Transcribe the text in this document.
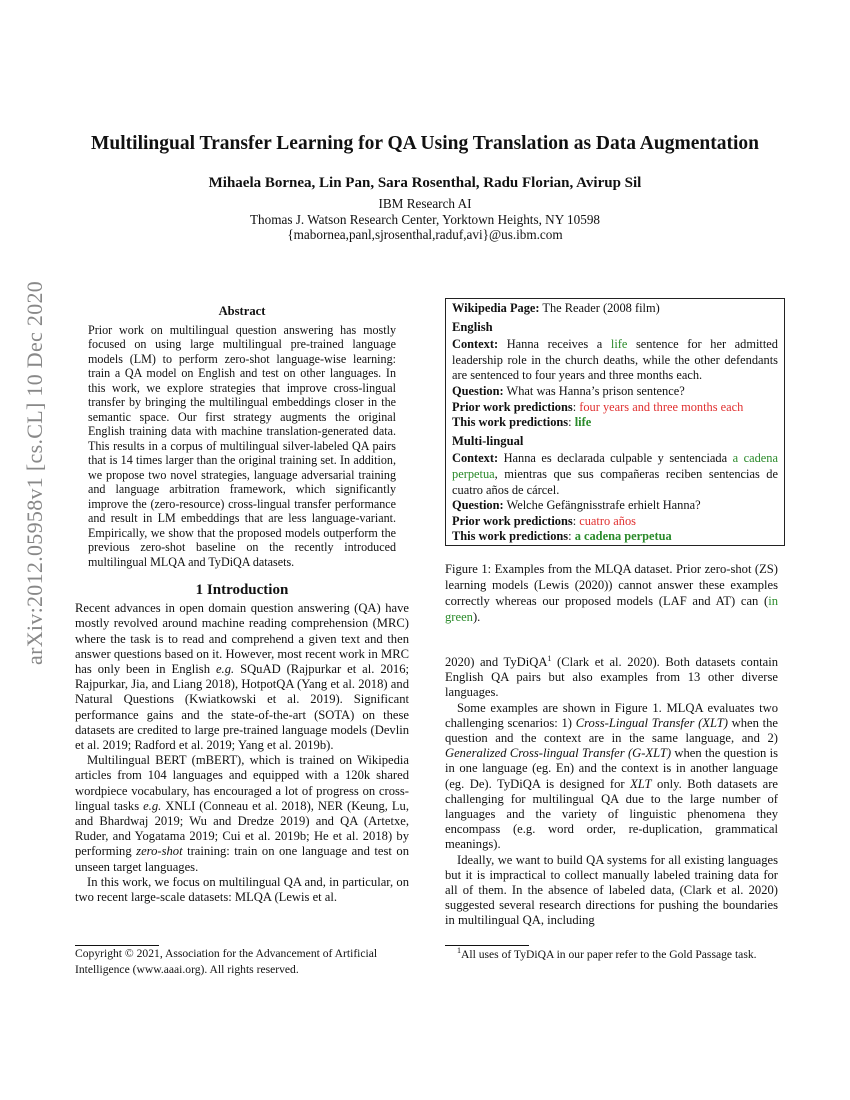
arXiv:2012.05958v1 [cs.CL] 10 Dec 2020
Multilingual Transfer Learning for QA Using Translation as Data Augmentation
Mihaela Bornea, Lin Pan, Sara Rosenthal, Radu Florian, Avirup Sil
IBM Research AI
Thomas J. Watson Research Center, Yorktown Heights, NY 10598
{mabornea,panl,sjrosenthal,raduf,avi}@us.ibm.com
Abstract

Prior work on multilingual question answering has mostly focused on using large multilingual pre-trained language models (LM) to perform zero-shot language-wise learning: train a QA model on English and test on other languages. In this work, we explore strategies that improve cross-lingual transfer by bringing the multilingual embeddings closer in the semantic space. Our first strategy augments the original English training data with machine translation-generated data. This results in a corpus of multilingual silver-labeled QA pairs that is 14 times larger than the original training set. In addition, we propose two novel strategies, language adversarial training and language arbitration framework, which significantly improve the (zero-resource) cross-lingual transfer performance and result in LM embeddings that are less language-variant. Empirically, we show that the proposed models outperform the previous zero-shot baseline on the recently introduced multilingual MLQA and TyDiQA datasets.

1 Introduction

Recent advances in open domain question answering (QA) have mostly revolved around machine reading comprehension (MRC) where the task is to read and comprehend a given text and then answer questions based on it. However, most recent work in MRC has only been in English e.g. SQuAD (Rajpurkar et al. 2016; Rajpurkar, Jia, and Liang 2018), HotpotQA (Yang et al. 2018) and Natural Questions (Kwiatkowski et al. 2019). Significant performance gains and the state-of-the-art (SOTA) on these datasets are credited to large pre-trained language models (Devlin et al. 2019; Radford et al. 2019; Yang et al. 2019b).

Multilingual BERT (mBERT), which is trained on Wikipedia articles from 104 languages and equipped with a 120k shared wordpiece vocabulary, has encouraged a lot of progress on cross-lingual tasks e.g. XNLI (Conneau et al. 2018), NER (Keung, Lu, and Bhardwaj 2019; Wu and Dredze 2019) and QA (Artetxe, Ruder, and Yogatama 2019; Cui et al. 2019b; He et al. 2018) by performing zero-shot training: train on one language and test on unseen target languages.

In this work, we focus on multilingual QA and, in particular, on two recent large-scale datasets: MLQA (Lewis et al.

Copyright © 2021, Association for the Advancement of Artificial Intelligence (www.aaai.org). All rights reserved.
Wikipedia Page: The Reader (2008 film)
English
Context: Hanna receives a life sentence for her admitted leadership role in the church deaths, while the other defendants are sentenced to four years and three months each.
Question: What was Hanna’s prison sentence?
Prior work predictions: four years and three months each
This work predictions: life
Multi-lingual
Context: Hanna es declarada culpable y sentenciada a cadena perpetua, mientras que sus compañeras reciben sentencias de cuatro años de cárcel.
Question: Welche Gefängnisstrafe erhielt Hanna?
Prior work predictions: cuatro años
This work predictions: a cadena perpetua
Figure 1: Examples from the MLQA dataset. Prior zero-shot (ZS) learning models (Lewis (2020)) cannot answer these examples correctly whereas our proposed models (LAF and AT) can (in green).

2020) and TyDiQA$^1$ (Clark et al. 2020). Both datasets contain English QA pairs but also examples from 13 other diverse languages.

Some examples are shown in Figure 1. MLQA evaluates two challenging scenarios: 1) Cross-Lingual Transfer (XLT) when the question and the context are in the same language, and 2) Generalized Cross-lingual Transfer (G-XLT) when the question is in one language (eg. En) and the context is in another language (eg. De). TyDiQA is designed for XLT only. Both datasets are challenging for multilingual QA due to the large number of languages and the variety of linguistic phenomena they encompass (e.g. word order, re-duplication, grammatical meanings).

Ideally, we want to build QA systems for all existing languages but it is impractical to collect manually labeled training data for all of them. In the absence of labeled data, (Clark et al. 2020) suggested several research directions for pushing the boundaries in multilingual QA, including

$^1$All uses of TyDiQA in our paper refer to the Gold Passage task.
